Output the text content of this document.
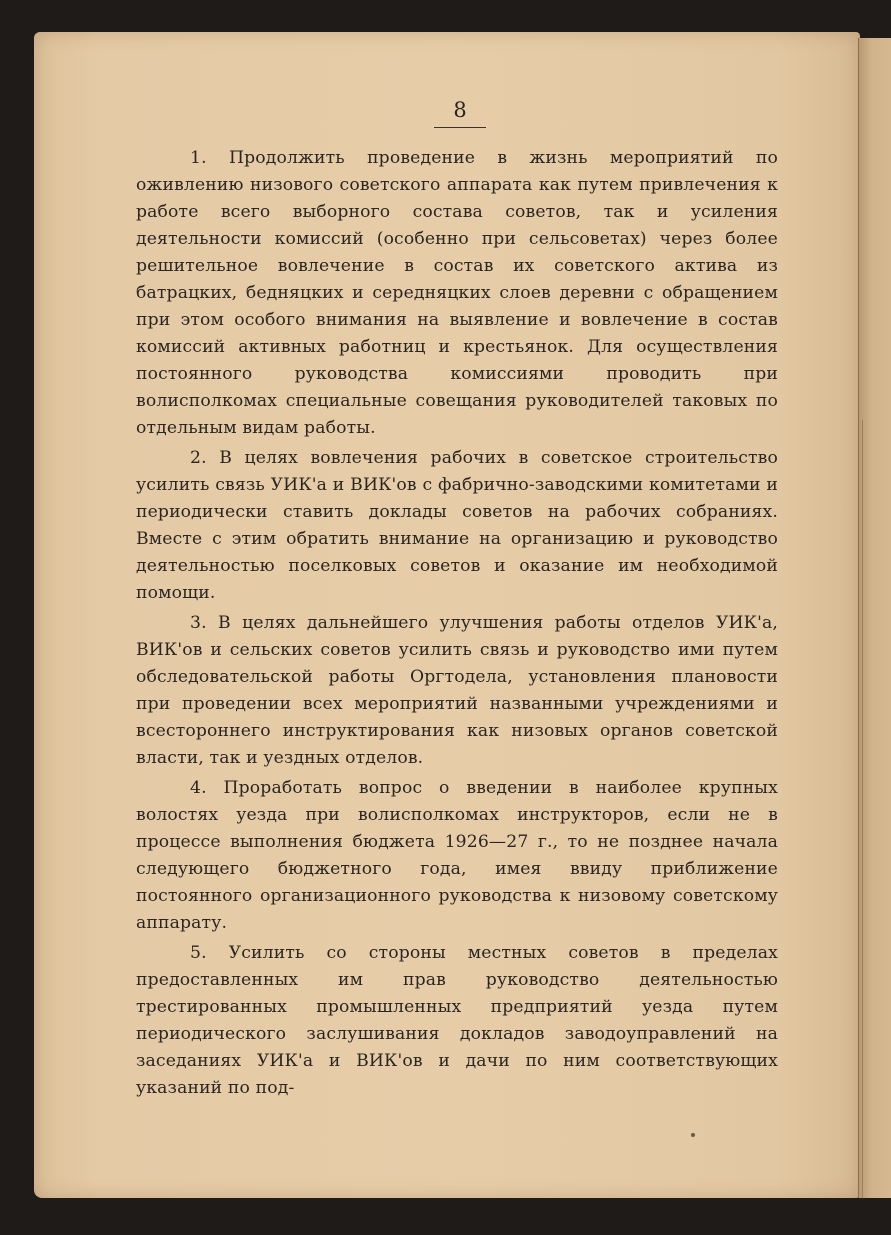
8

1. Продолжить проведение в жизнь мероприятий по оживлению низового советского аппарата как путем привлечения к работе всего выборного состава советов, так и усиления деятельности комиссий (особенно при сельсоветах) через более решительное вовлечение в состав их советского актива из батрацких, бедняцких и середняцких слоев деревни с обращением при этом особого внимания на выявление и вовлечение в состав комиссий активных работниц и крестьянок. Для осуществления постоянного руководства комиссиями проводить при волисполкомах специальные совещания руководителей таковых по отдельным видам работы.

2. В целях вовлечения рабочих в советское строительство усилить связь УИК'а и ВИК'ов с фабрично-заводскими комитетами и периодически ставить доклады советов на рабочих собраниях. Вместе с этим обратить внимание на организацию и руководство деятельностью поселковых советов и оказание им необходимой помощи.

3. В целях дальнейшего улучшения работы отделов УИК'а, ВИК'ов и сельских советов усилить связь и руководство ими путем обследовательской работы Оргтодела, установления плановости при проведении всех мероприятий названными учреждениями и всестороннего инструктирования как низовых органов советской власти, так и уездных отделов.

4. Проработать вопрос о введении в наиболее крупных волостях уезда при волисполкомах инструкторов, если не в процессе выполнения бюджета 1926—27 г., то не позднее начала следующего бюджетного года, имея ввиду приближение постоянного организационного руководства к низовому советскому аппарату.

5. Усилить со стороны местных советов в пределах предоставленных им прав руководство деятельностью трестированных промышленных предприятий уезда путем периодического заслушивания докладов заводоуправлений на заседаниях УИК'а и ВИК'ов и дачи по ним соответствующих указаний по под-
